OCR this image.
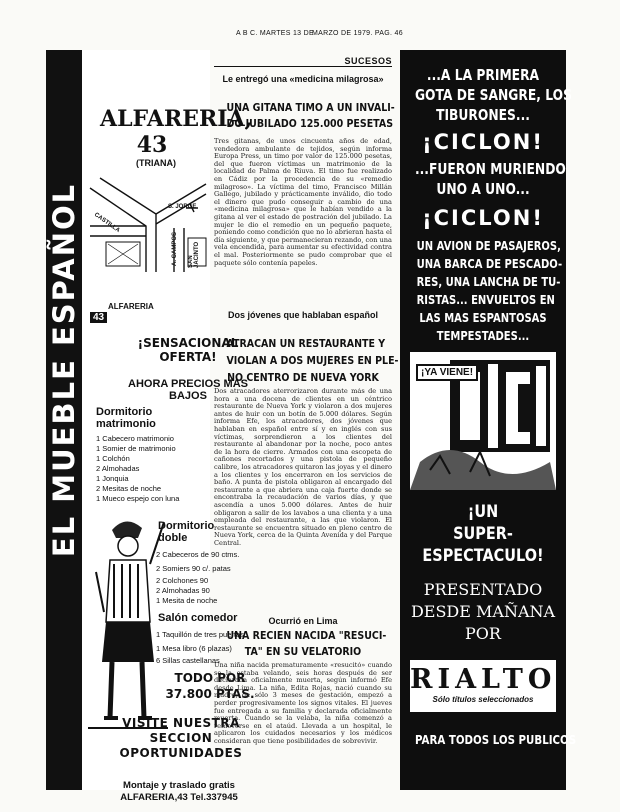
A B C. MARTES 13 DE
MARZO DE 1979. PAG. 46
EL MUEBLE ESPAÑOL
ALFARERIA,
43
(TRIANA)
CASTILLA
S. JORGE
A. CAMPOS SAN JACINTO
ALFARERIA
43
¡SENSACIONAL OFERTA!
AHORA PRECIOS MAS BAJOS
Dormitorio matrimonio
1 Cabecero matrimonio
1 Somier de matrimonio
1 Colchón
2 Almohadas
1 Jonquia
2 Mesitas de noche
1 Mueco espejo con luna
Dormitorio doble
2 Cabeceros de 90 ctms.
2 Somiers 90 c/. patas
2 Colchones 90
2 Almohadas 90
1 Mesita de noche
Salón comedor
1 Taquillón de tres puertas
1 Mesa libro (6 plazas)
6 Sillas castellanas
TODO POR 37.800 PTAS.
VISITE NUESTRA SECCION OPORTUNIDADES
Montaje y traslado gratis
ALFARERIA,43 Tel.337945
SUCESOS
Le entregó una «medicina milagrosa»
UNA GITANA TIMO A UN INVALI-
DO JUBILADO 125.000 PESETAS
Tres gitanas, de unos cincuenta años de edad, vendedora ambulante de tejidos, según informa Europa Press, un timo por valor de 125.000 pesetas, del que fueron víctimas un matrimonio de la localidad de Palma de Riuva. El timo fue realizado en Cádiz por la procedencia de su «remedio milagroso». La víctima del timo, Francisco Millán Gallego, jubilado y prácticamente inválido, dio todo el dinero que pudo conseguir a cambio de una «medicina milagrosa» que le habían vendido a la gitana al ver el estado de postración del jubilado. La mujer le dio el remedio en un pequeño paquete, poniendo como condición que no lo abrieran hasta el día siguiente, y que permanecieran rezando, con una vela encendida, para aumentar su efectividad contra el mal. Posteriormente se pudo comprobar que el paquete sólo contenía papeles.
Dos jóvenes que hablaban español
ATRACAN UN RESTAURANTE Y
VIOLAN A DOS MUJERES EN PLE-
NO CENTRO DE NUEVA YORK
Dos atracadores aterrorizaron durante más de una hora a una docena de clientes en un céntrico restaurante de Nueva York y violaron a dos mujeres antes de huir con un botín de 5.000 dólares. Según informa Efe, los atracadores, dos jóvenes que hablaban en español entre sí y en inglés con sus víctimas, sorprendieron a los clientes del restaurante al abandonar por la noche, poco antes de la hora de cierre. Armados con una escopeta de cañones recortados y una pistola de pequeño calibre, los atracadores quitaron las joyas y el dinero a los clientes y los encerraron en los servicios de baño. A punta de pistola obligaron al encargado del restaurante a que abriera una caja fuerte donde se encontraba la recaudación de varios días, y que ascendía a unos 5.000 dólares. Antes de huir obligaron a salir de los lavabos a una clienta y a una empleada del restaurante, a las que violaron. El restaurante se encuentra situado en pleno centro de Nueva York, cerca de la Quinta Avenida y del Parque Central.
Ocurrió en Lima
UNA RECIEN NACIDA "RESUCI-
TA" EN SU VELATORIO
Una niña nacida prematuramente «resucitó» cuando se la estaba velando, seis horas después de ser declarada oficialmente muerta, según informó Efe desde Lima. La niña, Edita Rojas, nació cuando su madre, de sólo 3 meses de gestación, empezó a perder progresivamente los signos vitales. El jueves fue entregada a su familia y declarada oficialmente muerta. Cuando se la velaba, la niña comenzó a removerse en el ataúd. Llevada a un hospital, le aplicaron los cuidados necesarios y los médicos consideran que tiene posibilidades de sobrevivir.
...A LA PRIMERA
GOTA DE SANGRE, LOS
TIBURONES...
¡CICLON!
...FUERON MURIENDO
UNO A UNO...
¡CICLON!
UN AVION DE PASAJEROS,
UNA BARCA DE PESCADO-
RES, UNA LANCHA DE TU-
RISTAS... ENVUELTOS EN
LAS MAS ESPANTOSAS
TEMPESTADES...
¡YA VIENE!
¡UN
SUPER-
ESPECTACULO!
PRESENTADO
DESDE MAÑANA
POR
RIALTO
Sólo títulos seleccionados
PARA TODOS LOS PUBLICOS
